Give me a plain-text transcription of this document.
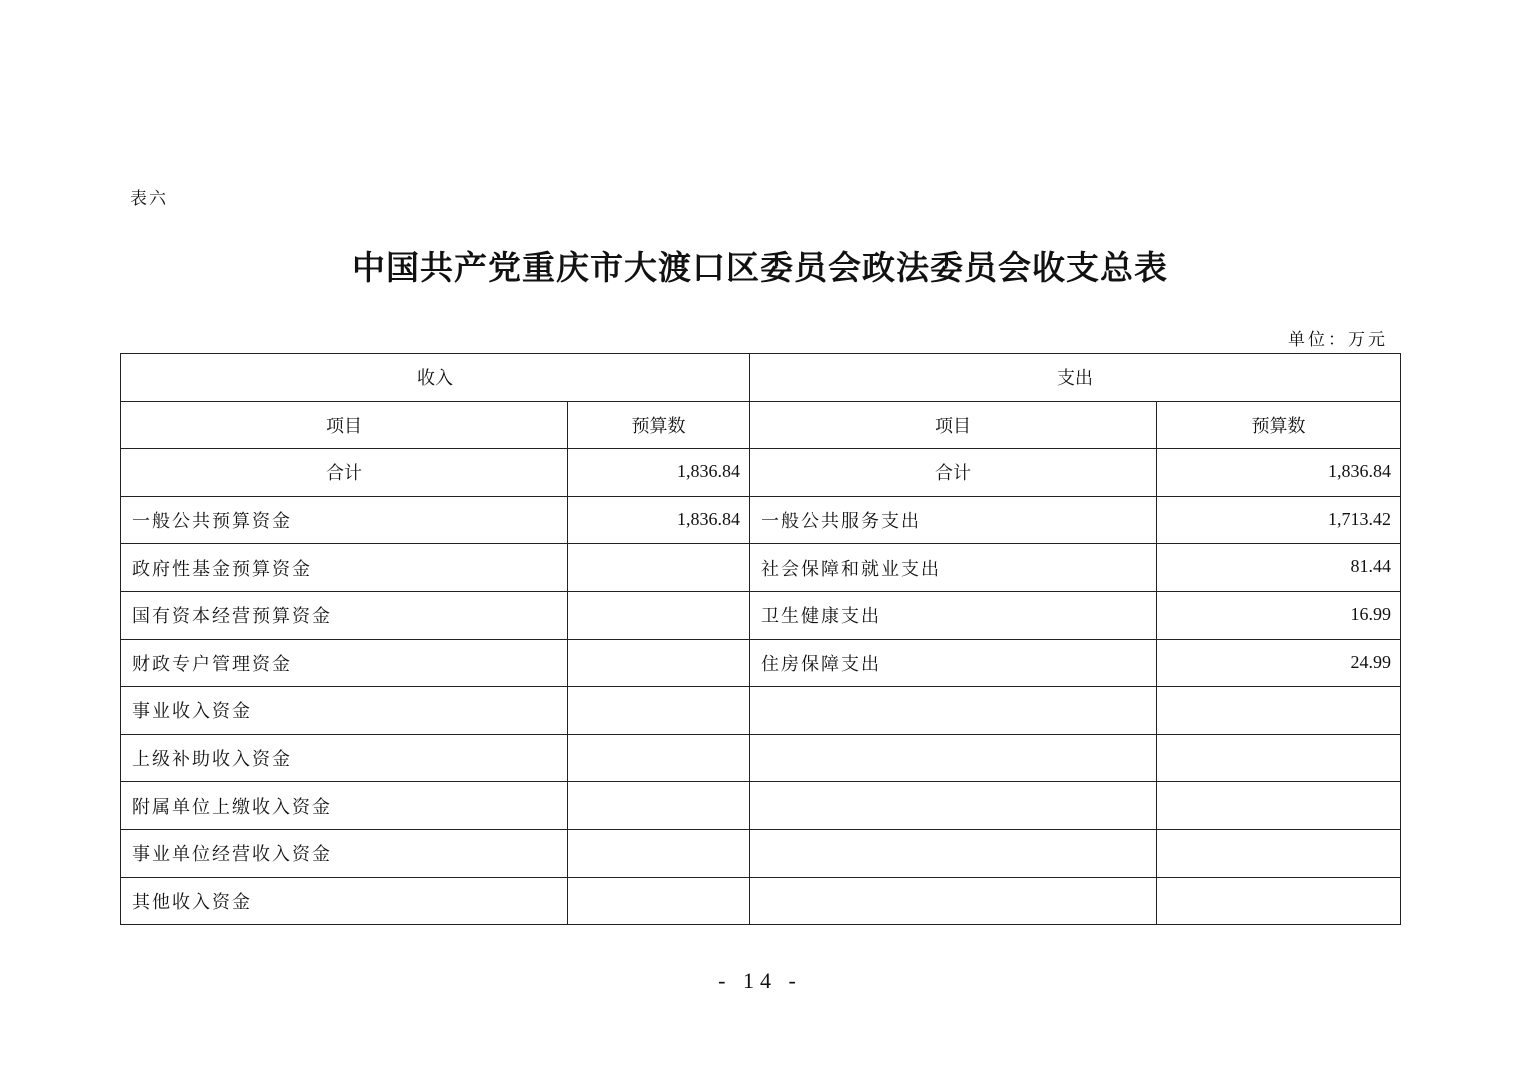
表六
中国共产党重庆市大渡口区委员会政法委员会收支总表
单位：万元
收入		支出	
项目	预算数	项目	预算数
合计	1,836.84	合计	1,836.84
一般公共预算资金	1,836.84	一般公共服务支出	1,713.42
政府性基金预算资金		社会保障和就业支出	81.44
国有资本经营预算资金		卫生健康支出	16.99
财政专户管理资金		住房保障支出	24.99
事业收入资金			
上级补助收入资金			
附属单位上缴收入资金			
事业单位经营收入资金			
其他收入资金			
- 14 -
